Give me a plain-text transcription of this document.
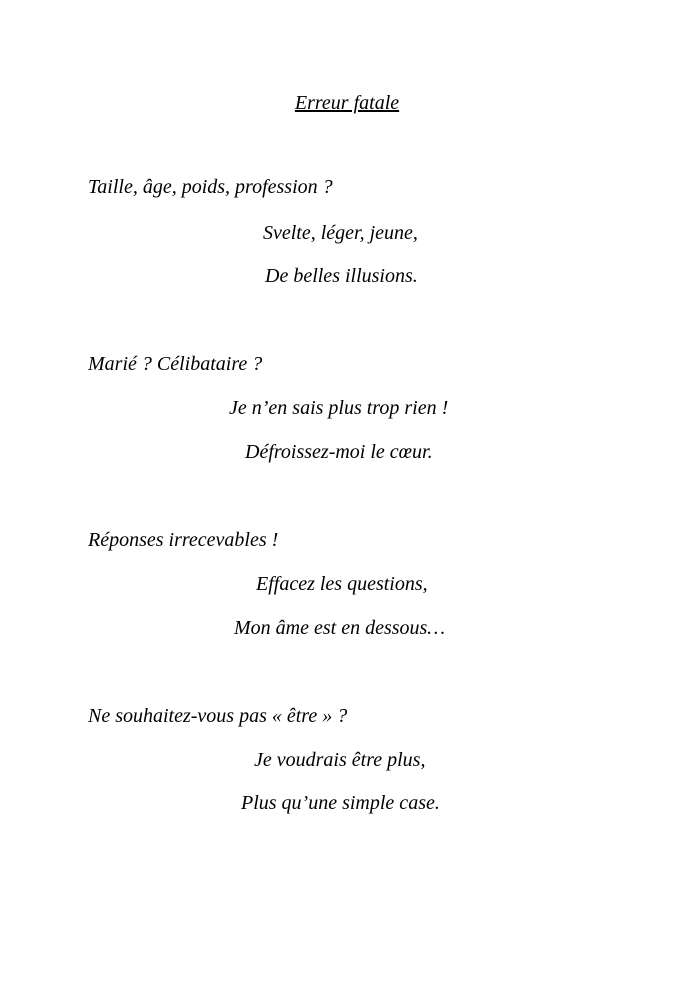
Erreur fatale
Taille, âge, poids, profession ?
Svelte, léger, jeune,
De belles illusions.
Marié ? Célibataire ?
Je n’en sais plus trop rien !
Défroissez-moi le cœur.
Réponses irrecevables !
Effacez les questions,
Mon âme est en dessous…
Ne souhaitez-vous pas « être » ?
Je voudrais être plus,
Plus qu’une simple case.
